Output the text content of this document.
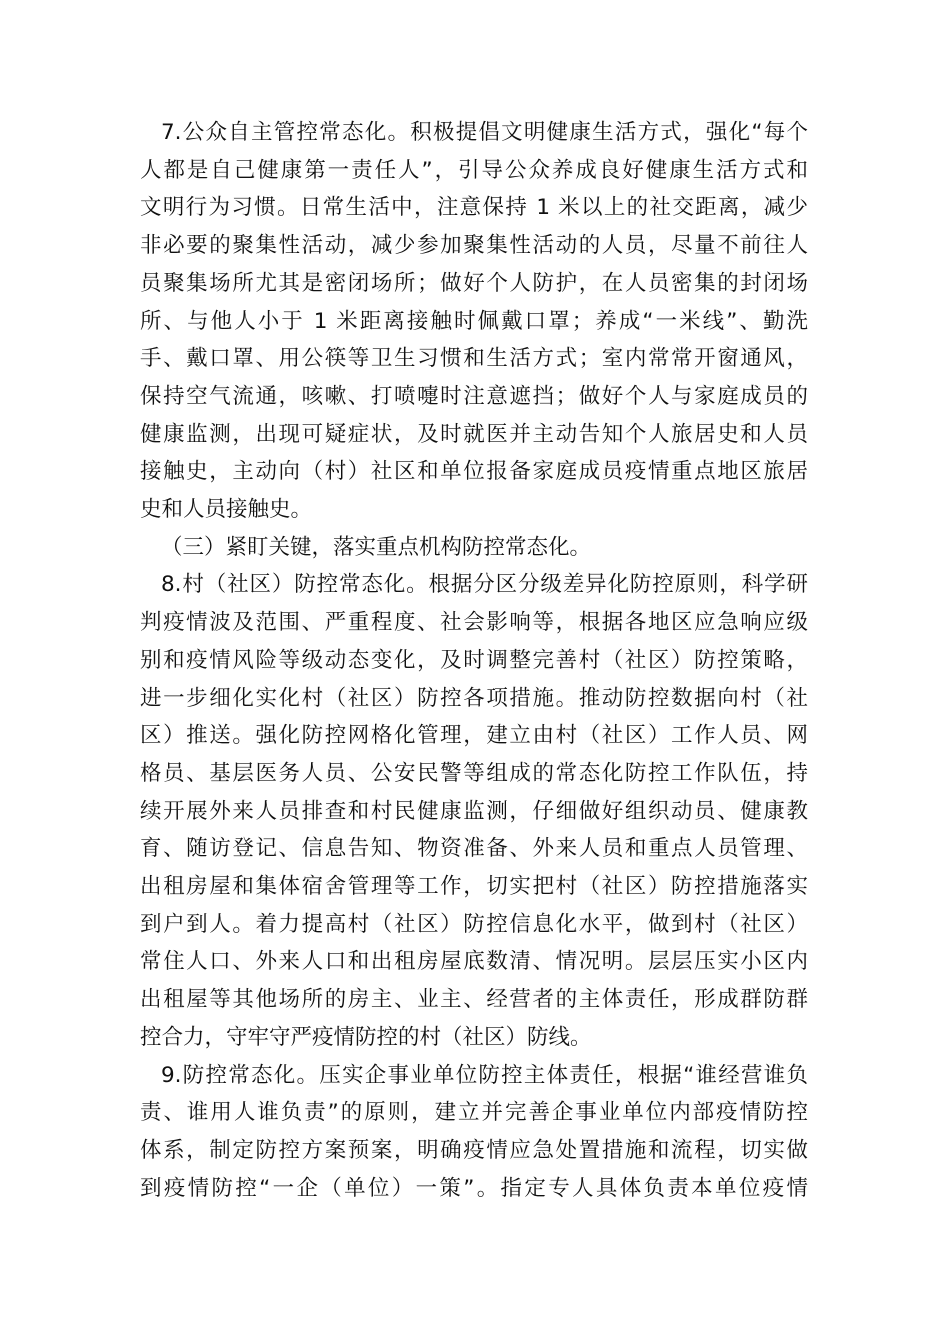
7.公众自主管控常态化。积极提倡文明健康生活方式，强化“每个
人都是自己健康第一责任人”，引导公众养成良好健康生活方式和
文明行为习惯。日常生活中，注意保持 1 米以上的社交距离，减少
非必要的聚集性活动，减少参加聚集性活动的人员，尽量不前往人
员聚集场所尤其是密闭场所；做好个人防护，在人员密集的封闭场
所、与他人小于 1 米距离接触时佩戴口罩；养成“一米线”、勤洗
手、戴口罩、用公筷等卫生习惯和生活方式；室内常常开窗通风，
保持空气流通，咳嗽、打喷嚏时注意遮挡；做好个人与家庭成员的
健康监测，出现可疑症状，及时就医并主动告知个人旅居史和人员
接触史，主动向（村）社区和单位报备家庭成员疫情重点地区旅居
史和人员接触史。
（三）紧盯关键，落实重点机构防控常态化。
8.村（社区）防控常态化。根据分区分级差异化防控原则，科学研
判疫情波及范围、严重程度、社会影响等，根据各地区应急响应级
别和疫情风险等级动态变化，及时调整完善村（社区）防控策略，
进一步细化实化村（社区）防控各项措施。推动防控数据向村（社
区）推送。强化防控网格化管理，建立由村（社区）工作人员、网
格员、基层医务人员、公安民警等组成的常态化防控工作队伍，持
续开展外来人员排查和村民健康监测，仔细做好组织动员、健康教
育、随访登记、信息告知、物资准备、外来人员和重点人员管理、
出租房屋和集体宿舍管理等工作，切实把村（社区）防控措施落实
到户到人。着力提高村（社区）防控信息化水平，做到村（社区）
常住人口、外来人口和出租房屋底数清、情况明。层层压实小区内
出租屋等其他场所的房主、业主、经营者的主体责任，形成群防群
控合力，守牢守严疫情防控的村（社区）防线。
9.防控常态化。压实企事业单位防控主体责任，根据“谁经营谁负
责、谁用人谁负责”的原则，建立并完善企事业单位内部疫情防控
体系，制定防控方案预案，明确疫情应急处置措施和流程，切实做
到疫情防控“一企（单位）一策”。指定专人具体负责本单位疫情
